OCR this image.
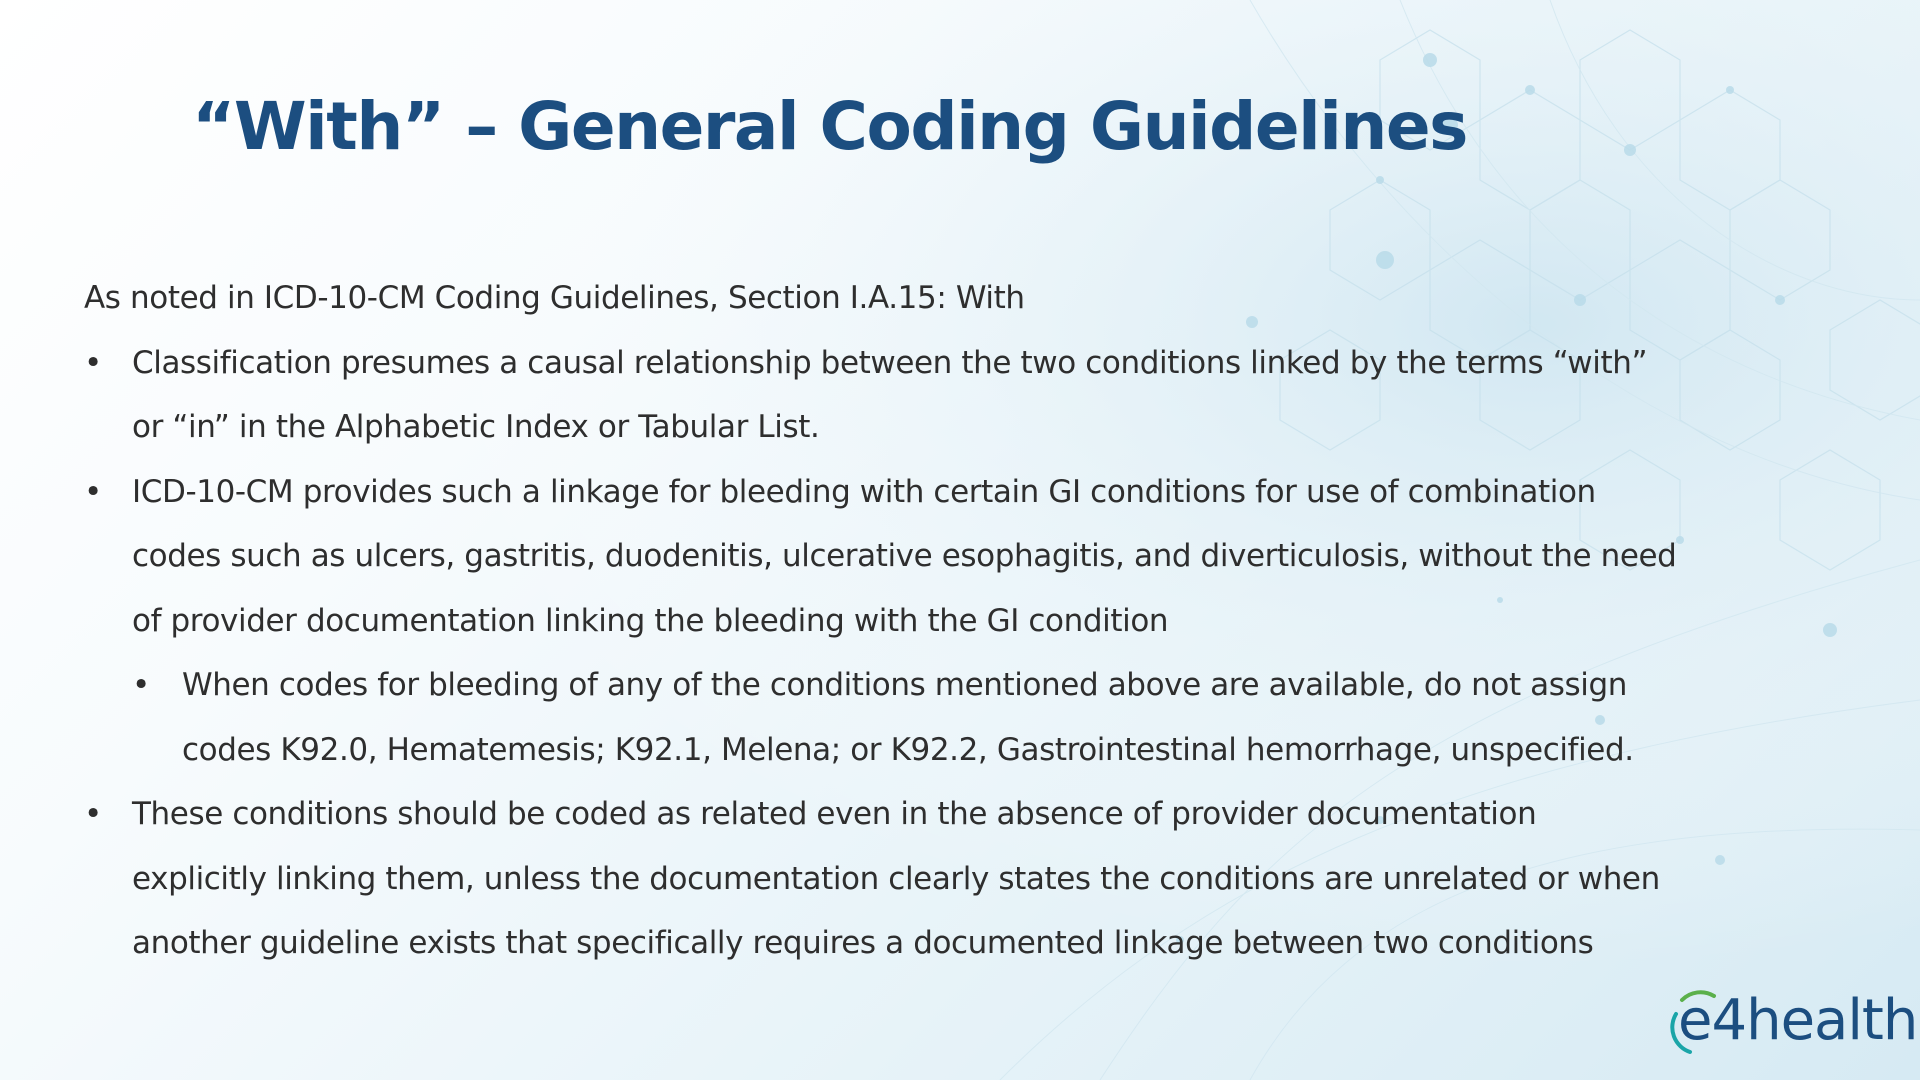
“With” – General Coding Guidelines

As noted in ICD-10-CM Coding Guidelines, Section I.A.15: With

• Classification presumes a causal relationship between the two conditions linked by the terms “with”
or “in” in the Alphabetic Index or Tabular List.
• ICD-10-CM provides such a linkage for bleeding with certain GI conditions for use of combination
codes such as ulcers, gastritis, duodenitis, ulcerative esophagitis, and diverticulosis, without the need
of provider documentation linking the bleeding with the GI condition
• When codes for bleeding of any of the conditions mentioned above are available, do not assign
codes K92.0, Hematemesis; K92.1, Melena; or K92.2, Gastrointestinal hemorrhage, unspecified.
• These conditions should be coded as related even in the absence of provider documentation
explicitly linking them, unless the documentation clearly states the conditions are unrelated or when
another guideline exists that specifically requires a documented linkage between two conditions
e4health
